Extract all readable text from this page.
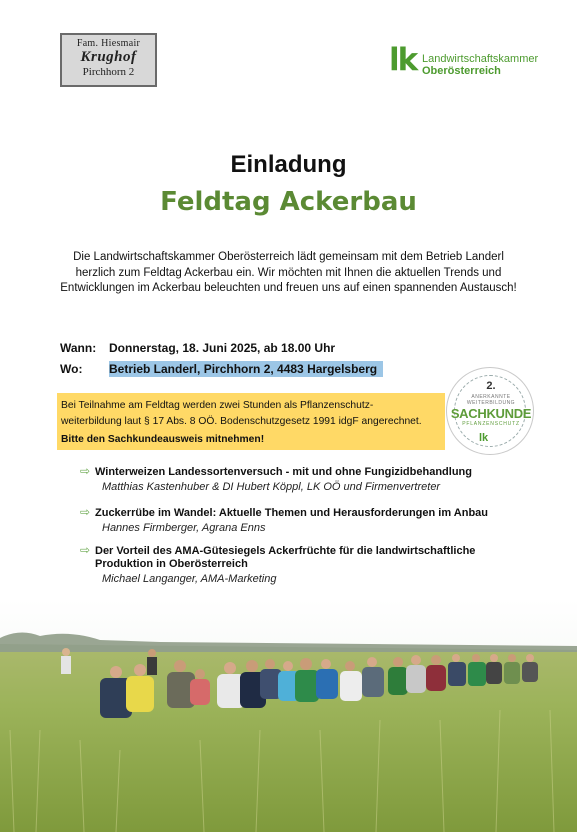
Fam. Hiesmair
Krughof
Pirchhorn 2	lk Landwirtschaftskammer
Oberösterreich
Einladung
Feldtag Ackerbau
Die Landwirtschaftskammer Oberösterreich lädt gemeinsam mit dem Betrieb Landerl herzlich zum Feldtag Ackerbau ein. Wir möchten mit Ihnen die aktuellen Trends und Entwicklungen im Ackerbau beleuchten und freuen uns auf einen spannenden Austausch!
Wann: Donnerstag, 18. Juni 2025, ab 18.00 Uhr
Wo: Betrieb Landerl, Pirchhorn 2, 4483 Hargelsberg
Bei Teilnahme am Feldtag werden zwei Stunden als Pflanzenschutz-
weiterbildung laut § 17 Abs. 8 OÖ. Bodenschutzgesetz 1991 idgF angerechnet.
Bitte den Sachkundeausweis mitnehmen!
2.
ANERKANNTE
WEITERBILDUNG
SACHKUNDE
PFLANZENSCHUTZ
lk
⇨ Winterweizen Landessortenversuch - mit und ohne Fungizidbehandlung
Matthias Kastenhuber & DI Hubert Köppl, LK OÖ und Firmenvertreter
⇨ Zuckerrübe im Wandel: Aktuelle Themen und Herausforderungen im Anbau
Hannes Firmberger, Agrana Enns
⇨ Der Vorteil des AMA-Gütesiegels Ackerfrüchte für die landwirtschaftliche Produktion in Oberösterreich
Michael Langanger, AMA-Marketing
